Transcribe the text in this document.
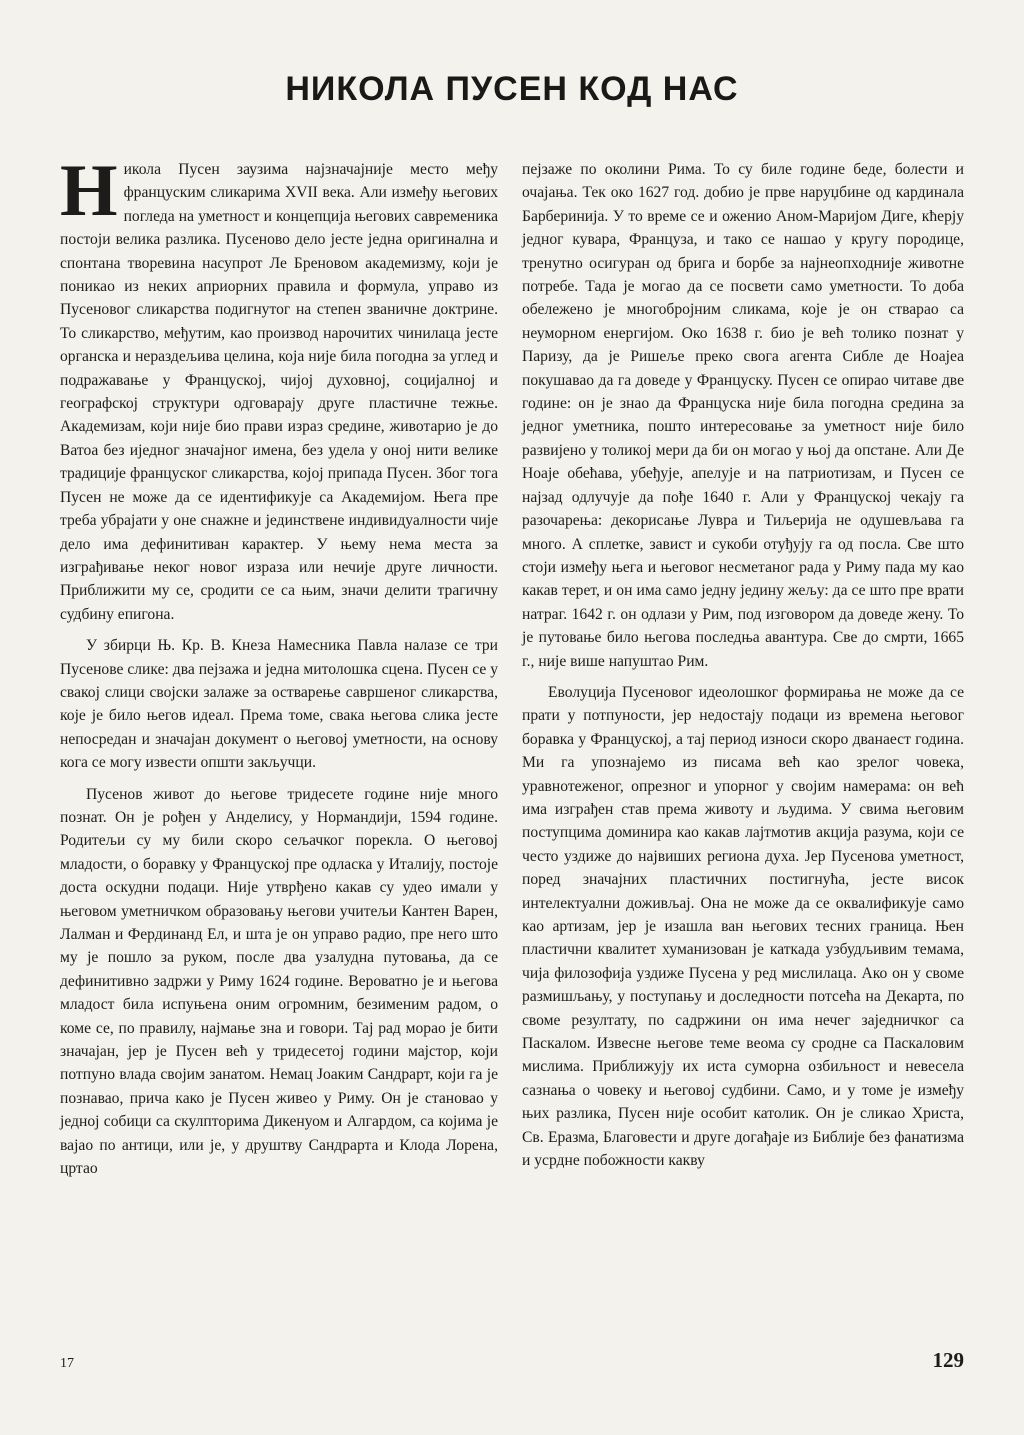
НИКОЛА ПУСЕН КОД НАС

Никола Пусен заузима најзначајније место међу француским сликарима XVII века. Али између његових погледа на уметност и концепција његових савременика постоји велика разлика. Пусеново дело јесте једна оригинална и спонтана творевина насупрот Ле Бреновом академизму, који је поникао из неких априорних правила и формула, управо из Пусеновог сликарства подигнутог на степен званичне доктрине. То сликарство, међутим, као производ нарочитих чинилаца јесте органска и нераздељива целина, која није била погодна за углед и подражавање у Француској, чијој духовној, социјалној и географској структури одговарају друге пластичне тежње. Академизам, који није био прави израз средине, животарио је до Ватоа без иједног значајног имена, без удела у оној нити велике традиције француског сликарства, којој припада Пусен. Због тога Пусен не може да се идентификује са Академијом. Њега пре треба убрајати у оне снажне и јединствене индивидуалности чије дело има дефинитиван карактер. У њему нема места за изграђивање неког новог израза или нечије друге личности. Приближити му се, сродити се са њим, значи делити трагичну судбину епигона.

У збирци Њ. Кр. В. Кнеза Намесника Павла налазе се три Пусенове слике: два пејзажа и једна митолошка сцена. Пусен се у свакој слици својски залаже за остварење савршеног сликарства, које је било његов идеал. Према томе, свака његова слика јесте непосредан и значајан документ о његовој уметности, на основу кога се могу извести општи закључци.

Пусенов живот до његове тридесете године није много познат. Он је рођен у Анделису, у Нормандији, 1594 године. Родитељи су му били скоро сељачког порекла. О његовој младости, о боравку у Француској пре одласка у Италију, постоје доста оскудни подаци. Није утврђено какав су удео имали у његовом уметничком образовању његови учитељи Кантен Варен, Лалман и Фердинанд Ел, и шта је он управо радио, пре него што му је пошло за руком, после два узалудна путовања, да се дефинитивно задржи у Риму 1624 године. Вероватно је и његова младост била испуњена оним огромним, безименим радом, о коме се, по правилу, најмање зна и говори. Тај рад морао је бити значајан, јер је Пусен већ у тридесетој години мајстор, који потпуно влада својим занатом. Немац Јоаким Сандрарт, који га је познавао, прича како је Пусен живео у Риму. Он је становао у једној собици са скулпторима Дикенуом и Алгардом, са којима је вајао по антици, или је, у друштву Сандрарта и Клода Лорена, цртао

пејзаже по околини Рима. То су биле године беде, болести и очајања. Тек око 1627 год. добио је прве наруџбине од кардинала Барберинија. У то време се и оженио Аном-Маријом Диге, кћерју једног кувара, Француза, и тако се нашао у кругу породице, тренутно осигуран од брига и борбе за најнеопходније животне потребе. Тада је могао да се посвети само уметности. То доба обележено је многобројним сликама, које је он стварао са неуморном енергијом. Око 1638 г. био је већ толико познат у Паризу, да је Ришеље преко свога агента Сибле де Ноајеа покушавао да га доведе у Француску. Пусен се опирао читаве две године: он је знао да Француска није била погодна средина за једног уметника, пошто интересовање за уметност није било развијено у толикој мери да би он могао у њој да опстане. Али Де Ноаје обећава, убеђује, апелује и на патриотизам, и Пусен се најзад одлучује да пође 1640 г. Али у Француској чекају га разочарења: декорисање Лувра и Тиљерија не одушевљава га много. А сплетке, завист и сукоби отуђују га од посла. Све што стоји између њега и његовог несметаног рада у Риму пада му као какав терет, и он има само једну једину жељу: да се што пре врати натраг. 1642 г. он одлази у Рим, под изговором да доведе жену. То је путовање било његова последња авантура. Све до смрти, 1665 г., није више напуштао Рим.

Еволуција Пусеновог идеолошког формирања не може да се прати у потпуности, јер недостају подаци из времена његовог боравка у Француској, а тај период износи скоро дванаест година. Ми га упознајемо из писама већ као зрелог човека, уравнотеженог, опрезног и упорног у својим намерама: он већ има изграђен став према животу и људима. У свима његовим поступцима доминира као какав лајтмотив акција разума, који се често уздиже до највиших региона духа. Јер Пусенова уметност, поред значајних пластичних постигнућа, јесте висок интелектуални доживљај. Она не може да се оквалификује само као артизам, јер је изашла ван његових тесних граница. Њен пластични квалитет хуманизован је каткада узбудљивим темама, чија филозофија уздиже Пусена у ред мислилаца. Ако он у своме размишљању, у поступању и доследности потсећа на Декарта, по своме резултату, по садржини он има нечег заједничког са Паскалом. Извесне његове теме веома су сродне са Паскаловим мислима. Приближују их иста суморна озбиљност и невесела сазнања о човеку и његовој судбини. Само, и у томе је између њих разлика, Пусен није особит католик. Он је сликао Христа, Св. Еразма, Благовести и друге догађаје из Библије без фанатизма и усрдне побожности какву

17	129
